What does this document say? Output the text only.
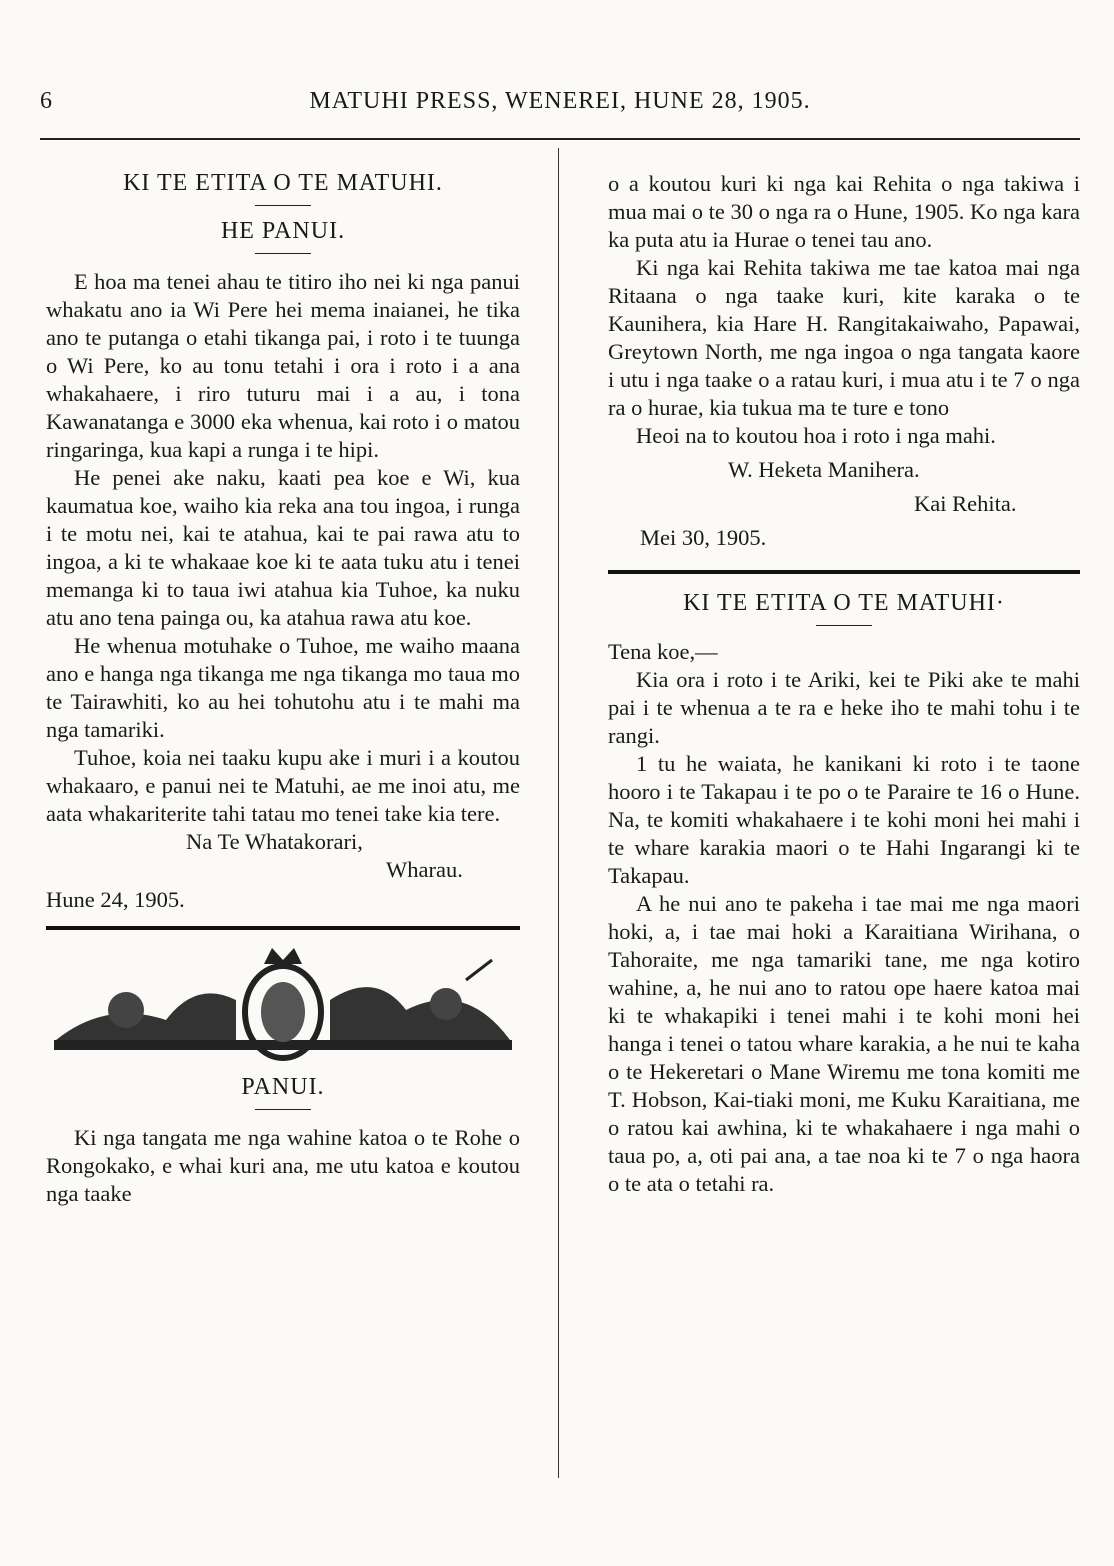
6	MATUHI PRESS, WENEREI, HUNE 28, 1905.
KI TE ETITA O TE MATUHI.
HE PANUI.

E hoa ma tenei ahau te titiro iho nei ki nga panui whakatu ano ia Wi Pere hei mema inaianei, he tika ano te putanga o etahi tikanga pai, i roto i te tuunga o Wi Pere, ko au tonu tetahi i ora i roto i a ana whakahaere, i riro tuturu mai i a au, i tona Kawanatanga e 3000 eka whenua, kai roto i o matou ringaringa, kua kapi a runga i te hipi.

He penei ake naku, kaati pea koe e Wi, kua kaumatua koe, waiho kia reka ana tou ingoa, i runga i te motu nei, kai te atahua, kai te pai rawa atu to ingoa, a ki te whakaae koe ki te aata tuku atu i tenei memanga ki to taua iwi atahua kia Tuhoe, ka nuku atu ano tena painga ou, ka atahua rawa atu koe.

He whenua motuhake o Tuhoe, me waiho maana ano e hanga nga tikanga me nga tikanga mo taua mo te Tairawhiti, ko au hei tohutohu atu i te mahi ma nga tamariki.

Tuhoe, koia nei taaku kupu ake i muri i a koutou whakaaro, e panui nei te Matuhi, ae me inoi atu, me aata whakariterite tahi tatau mo tenei take kia tere.

Na Te Whatakorari,
Wharau.
Hune 24, 1905.
PANUI.

Ki nga tangata me nga wahine katoa o te Rohe o Rongokako, e whai kuri ana, me utu katoa e koutou nga taake

o a koutou kuri ki nga kai Rehita o nga takiwa i mua mai o te 30 o nga ra o Hune, 1905. Ko nga kara ka puta atu ia Hurae o tenei tau ano.

Ki nga kai Rehita takiwa me tae katoa mai nga Ritaana o nga taake kuri, kite karaka o te Kaunihera, kia Hare H. Rangitakaiwaho, Papawai, Greytown North, me nga ingoa o nga tangata kaore i utu i nga taake o a ratau kuri, i mua atu i te 7 o nga ra o hurae, kia tukua ma te ture e tono

Heoi na to koutou hoa i roto i nga mahi.

W. Heketa Manihera.
Kai Rehita.
Mei 30, 1905.
KI TE ETITA O TE MATUHI·
Tena koe,—

Kia ora i roto i te Ariki, kei te Piki ake te mahi pai i te whenua a te ra e heke iho te mahi tohu i te rangi.

1 tu he waiata, he kanikani ki roto i te taone hooro i te Takapau i te po o te Paraire te 16 o Hune. Na, te komiti whakahaere i te kohi moni hei mahi i te whare karakia maori o te Hahi Ingarangi ki te Takapau.

A he nui ano te pakeha i tae mai me nga maori hoki, a, i tae mai hoki a Karaitiana Wirihana, o Tahoraite, me nga tamariki tane, me nga kotiro wahine, a, he nui ano to ratou ope haere katoa mai ki te whakapiki i tenei mahi i te kohi moni hei hanga i tenei o tatou whare karakia, a he nui te kaha o te Hekeretari o Mane Wiremu me tona komiti me T. Hobson, Kai-tiaki moni, me Kuku Karaitiana, me o ratou kai awhina, ki te whakahaere i nga mahi o taua po, a, oti pai ana, a tae noa ki te 7 o nga haora o te ata o tetahi ra.
